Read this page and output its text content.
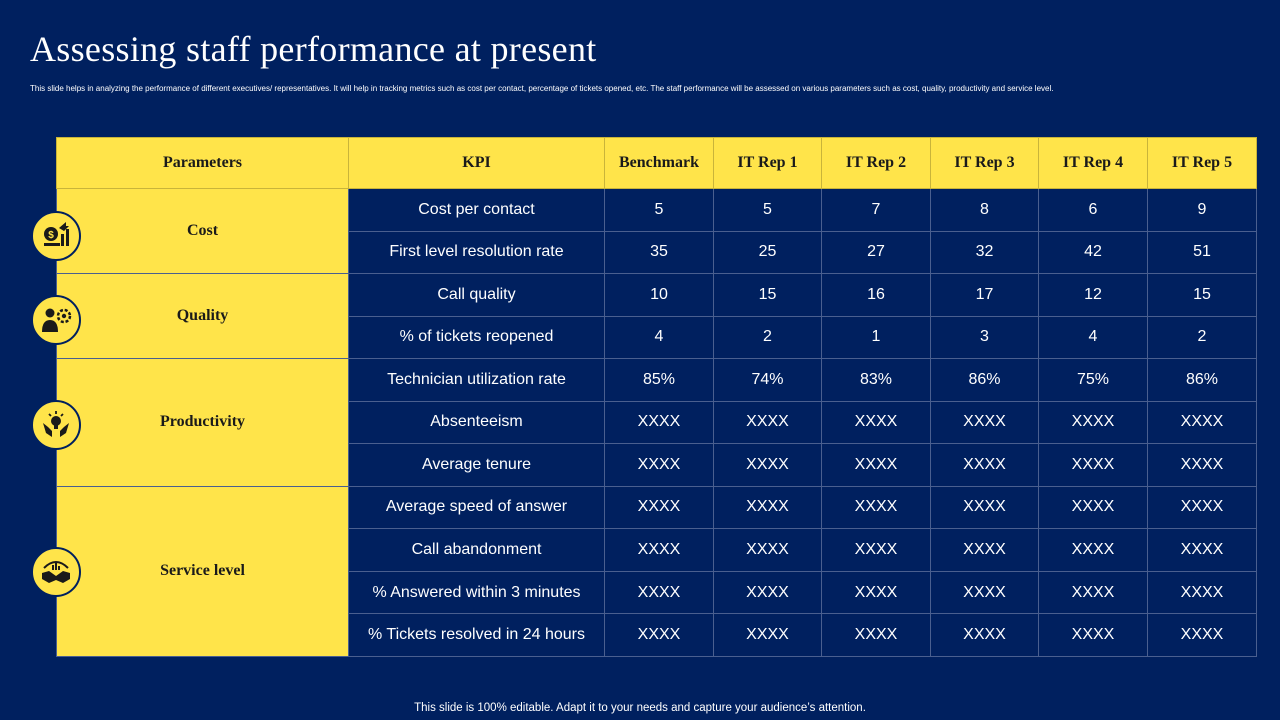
Assessing staff performance at present

This slide helps in analyzing the performance of different executives/ representatives. It will help in tracking metrics such as cost per contact, percentage of tickets opened, etc. The staff performance will be assessed on various parameters such as cost, quality, productivity and service level.

Parameters	KPI	Benchmark	IT Rep 1	IT Rep 2	IT Rep 3	IT Rep 4	IT Rep 5
Cost	Cost per contact	5	5	7	8	6	9
	First level resolution rate	35	25	27	32	42	51
Quality	Call quality	10	15	16	17	12	15
	% of tickets reopened	4	2	1	3	4	2
Productivity	Technician utilization rate	85%	74%	83%	86%	75%	86%
	Absenteeism	XXXX	XXXX	XXXX	XXXX	XXXX	XXXX
	Average tenure	XXXX	XXXX	XXXX	XXXX	XXXX	XXXX
Service level	Average speed of answer	XXXX	XXXX	XXXX	XXXX	XXXX	XXXX
	Call abandonment	XXXX	XXXX	XXXX	XXXX	XXXX	XXXX
	% Answered within 3 minutes	XXXX	XXXX	XXXX	XXXX	XXXX	XXXX
	% Tickets resolved in 24 hours	XXXX	XXXX	XXXX	XXXX	XXXX	XXXX
$
This slide is 100% editable. Adapt it to your needs and capture your audience’s attention.
